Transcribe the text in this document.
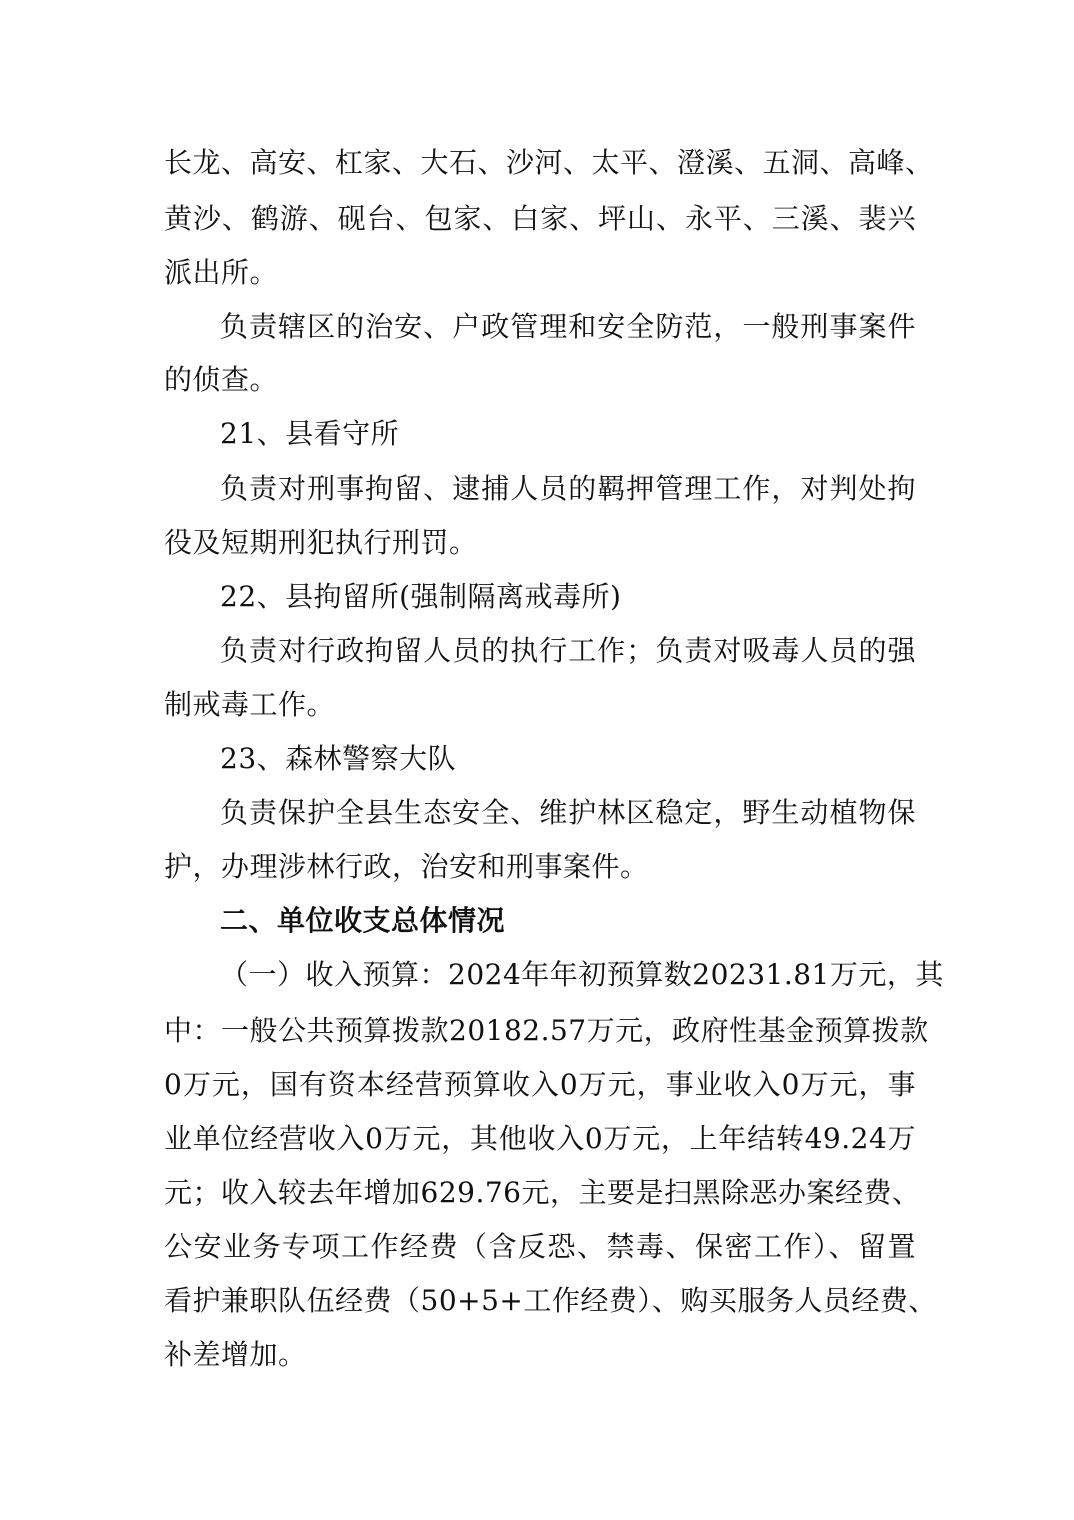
长龙、高安、杠家、大石、沙河、太平、澄溪、五洞、高峰、
黄沙、鹤游、砚台、包家、白家、坪山、永平、三溪、裴兴
派出所。
负责辖区的治安、户政管理和安全防范，一般刑事案件
的侦查。
21、县看守所
负责对刑事拘留、逮捕人员的羁押管理工作，对判处拘
役及短期刑犯执行刑罚。
22、县拘留所(强制隔离戒毒所)
负责对行政拘留人员的执行工作；负责对吸毒人员的强
制戒毒工作。
23、森林警察大队
负责保护全县生态安全、维护林区稳定，野生动植物保
护，办理涉林行政，治安和刑事案件。
二、单位收支总体情况
（一）收入预算：2024年年初预算数20231.81万元，其
中：一般公共预算拨款20182.57万元，政府性基金预算拨款
0万元，国有资本经营预算收入0万元，事业收入0万元，事
业单位经营收入0万元，其他收入0万元，上年结转49.24万
元；收入较去年增加629.76元，主要是扫黑除恶办案经费、
公安业务专项工作经费（含反恐、禁毒、保密工作）、留置
看护兼职队伍经费（50+5+工作经费）、购买服务人员经费、
补差增加。
